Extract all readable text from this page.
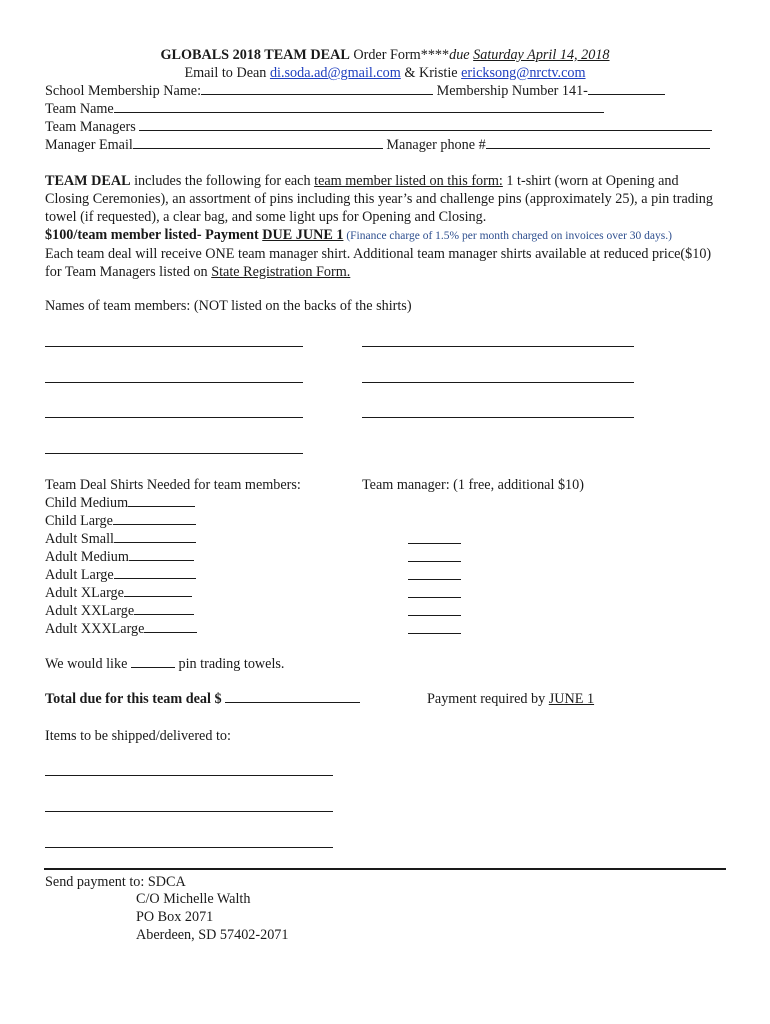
GLOBALS 2018 TEAM DEAL Order Form****due Saturday April 14, 2018
Email to Dean di.soda.ad@gmail.com & Kristie ericksong@nrctv.com
School Membership Name:	Membership Number 141-
Team Name
Team Managers
Manager Email	Manager phone #
TEAM DEAL includes the following for each team member listed on this form: 1 t-shirt (worn at Opening and Closing Ceremonies), an assortment of pins including this year’s and challenge pins (approximately 25), a pin trading towel (if requested), a clear bag, and some light ups for Opening and Closing.
$100/team member listed- Payment DUE JUNE 1 (Finance charge of 1.5% per month charged on invoices over 30 days.)
Each team deal will receive ONE team manager shirt. Additional team manager shirts available at reduced price($10) for Team Managers listed on State Registration Form.
Names of team members: (NOT listed on the backs of the shirts)
Team Deal Shirts Needed for team members:	Team manager: (1 free, additional $10)
Child Medium
Child Large
Adult Small
Adult Medium
Adult Large
Adult XLarge
Adult XXLarge
Adult XXXLarge
We would like	pin trading towels.
Total due for this team deal $	Payment required by JUNE 1
Items to be shipped/delivered to:
Send payment to: SDCA
C/O Michelle Walth
PO Box 2071
Aberdeen, SD 57402-2071
